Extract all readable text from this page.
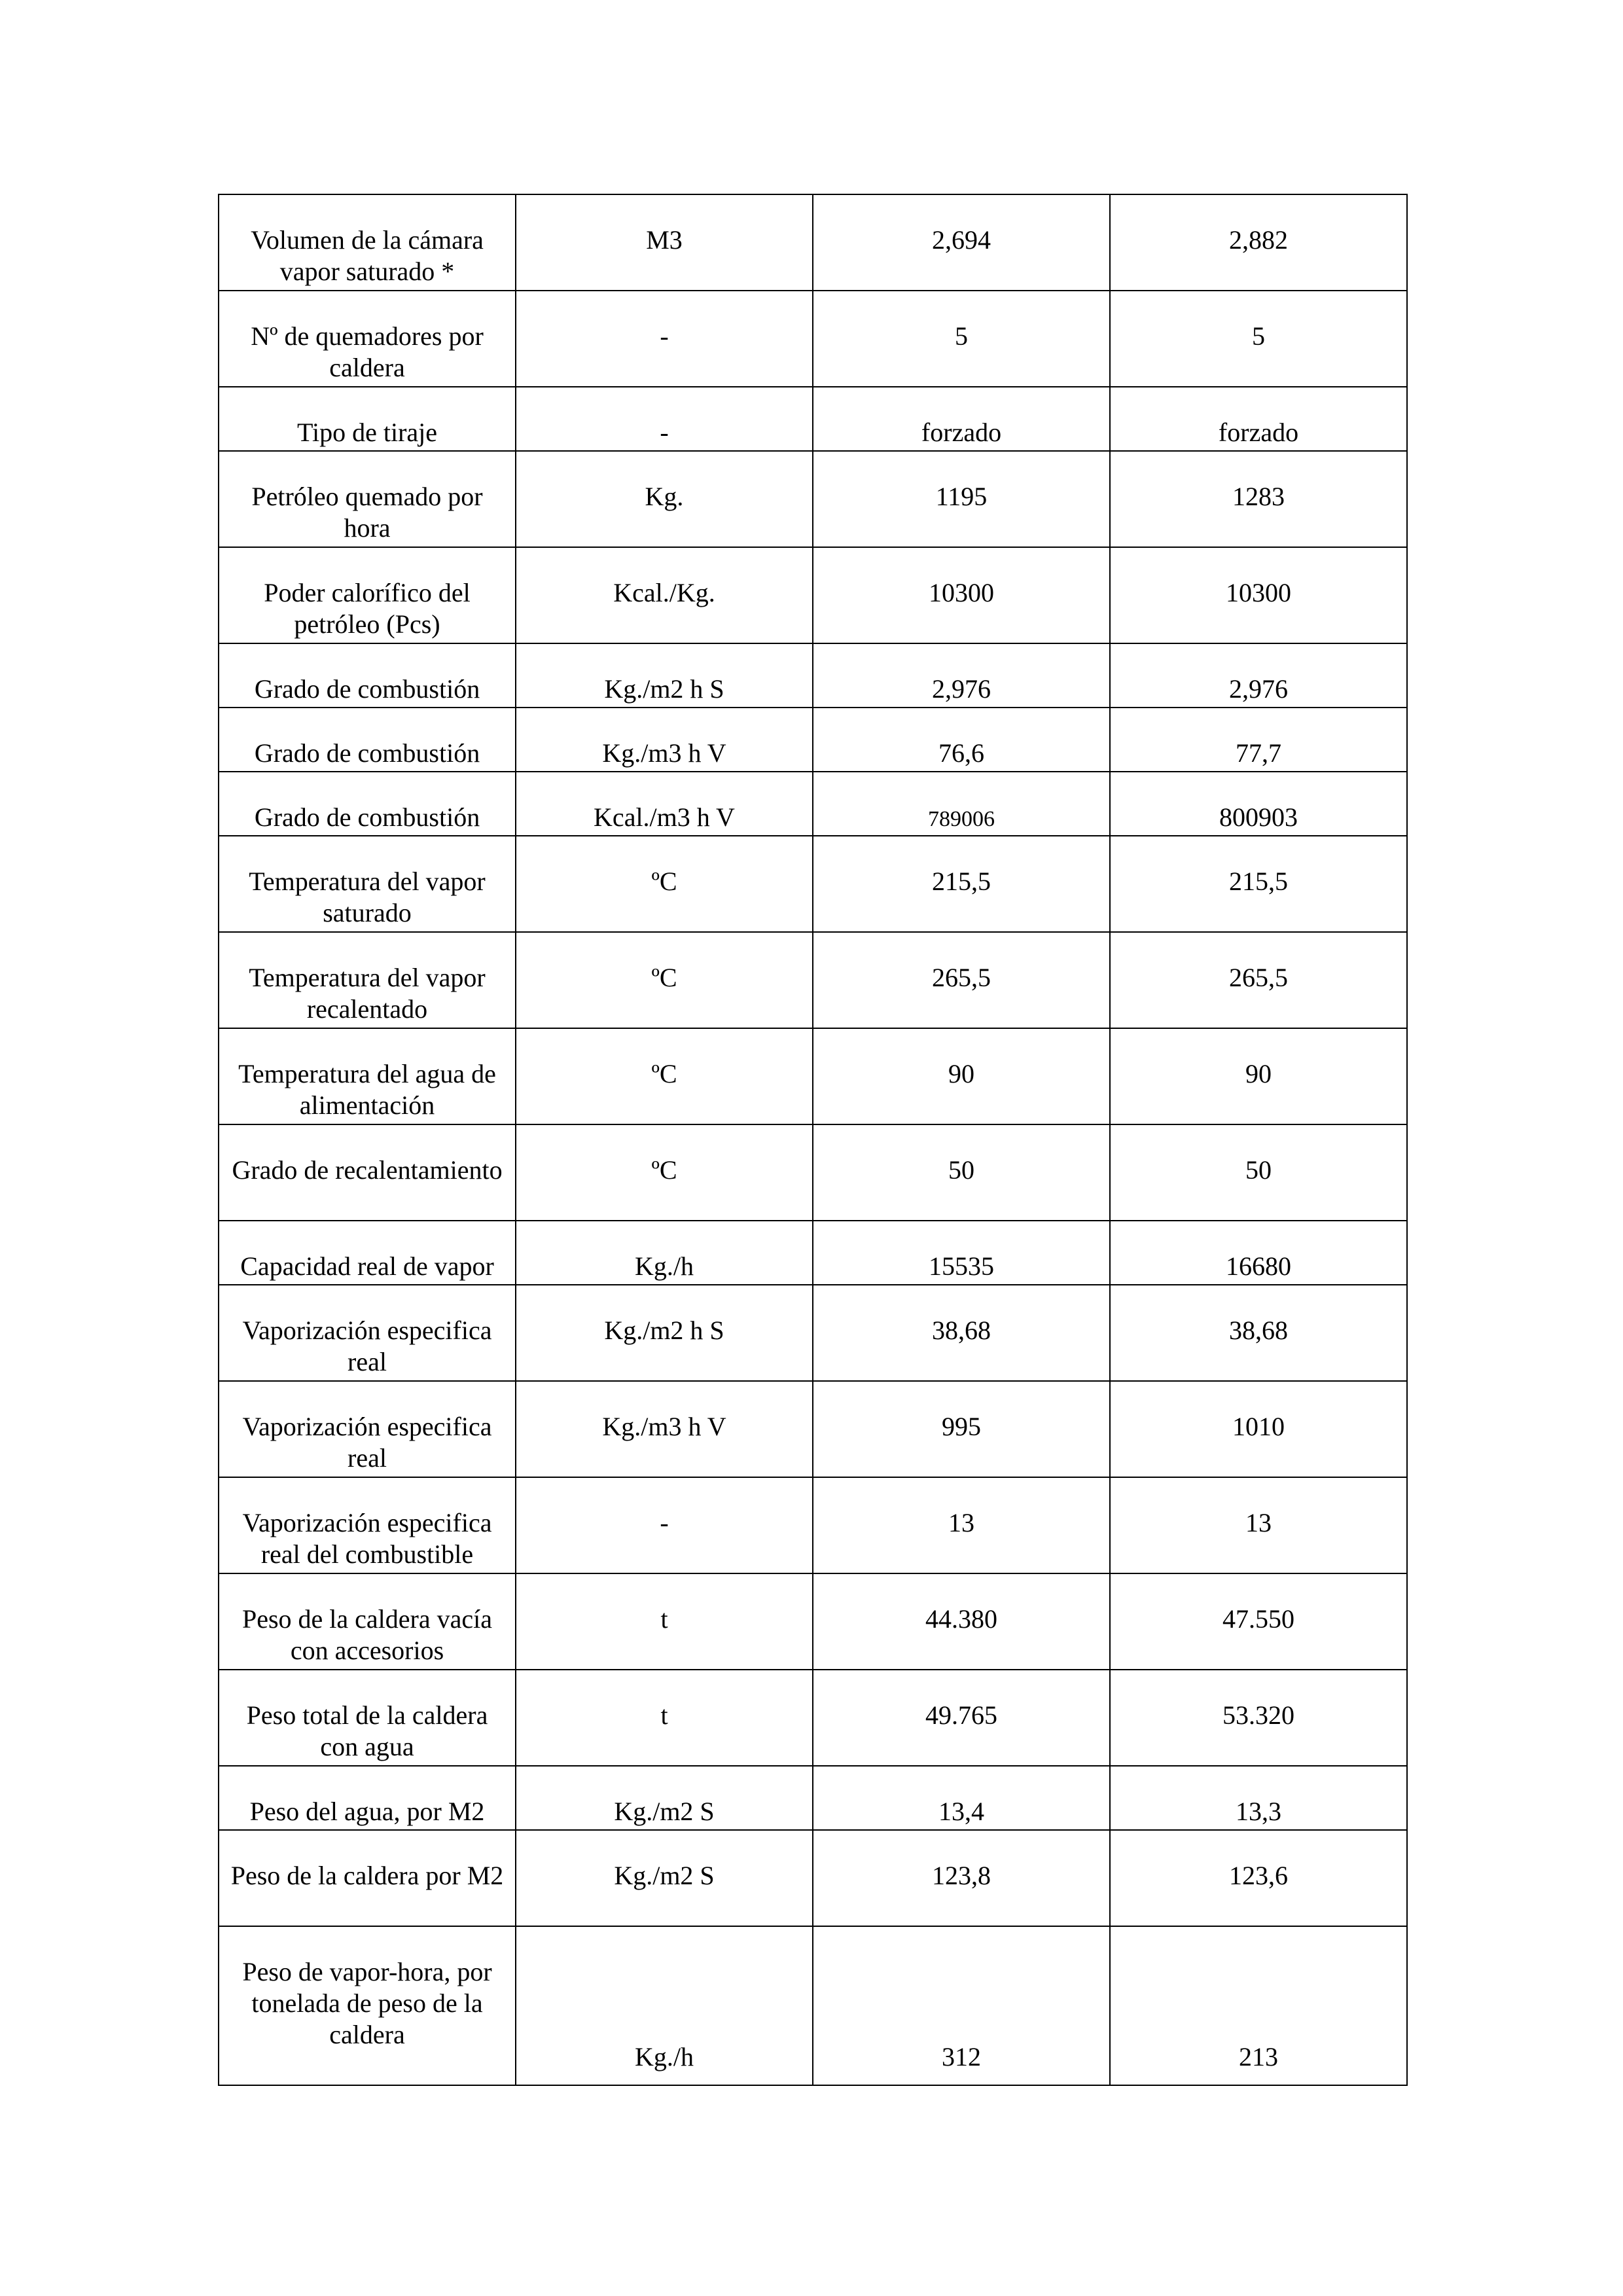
Volumen de la cámara vapor saturado *	M3	2,694	2,882
Nº de quemadores por caldera	-	5	5
Tipo de tiraje	-	forzado	forzado
Petróleo quemado por hora	Kg.	1195	1283
Poder calorífico del petróleo (Pcs)	Kcal./Kg.	10300	10300
Grado de combustión	Kg./m2 h S	2,976	2,976
Grado de combustión	Kg./m3 h V	76,6	77,7
Grado de combustión	Kcal./m3 h V	789006	800903
Temperatura del vapor saturado	ºC	215,5	215,5
Temperatura del vapor recalentado	ºC	265,5	265,5
Temperatura del agua de alimentación	ºC	90	90
Grado de recalentamiento	ºC	50	50
Capacidad real de vapor	Kg./h	15535	16680
Vaporización especifica real	Kg./m2 h S	38,68	38,68
Vaporización especifica real	Kg./m3 h V	995	1010
Vaporización especifica real del combustible	-	13	13
Peso de la caldera vacía con accesorios	t	44.380	47.550
Peso total de la caldera con agua	t	49.765	53.320
Peso del agua, por M2	Kg./m2 S	13,4	13,3
Peso de la caldera por M2	Kg./m2 S	123,8	123,6
Peso de vapor-hora, por tonelada de peso de la caldera	Kg./h	312	213
